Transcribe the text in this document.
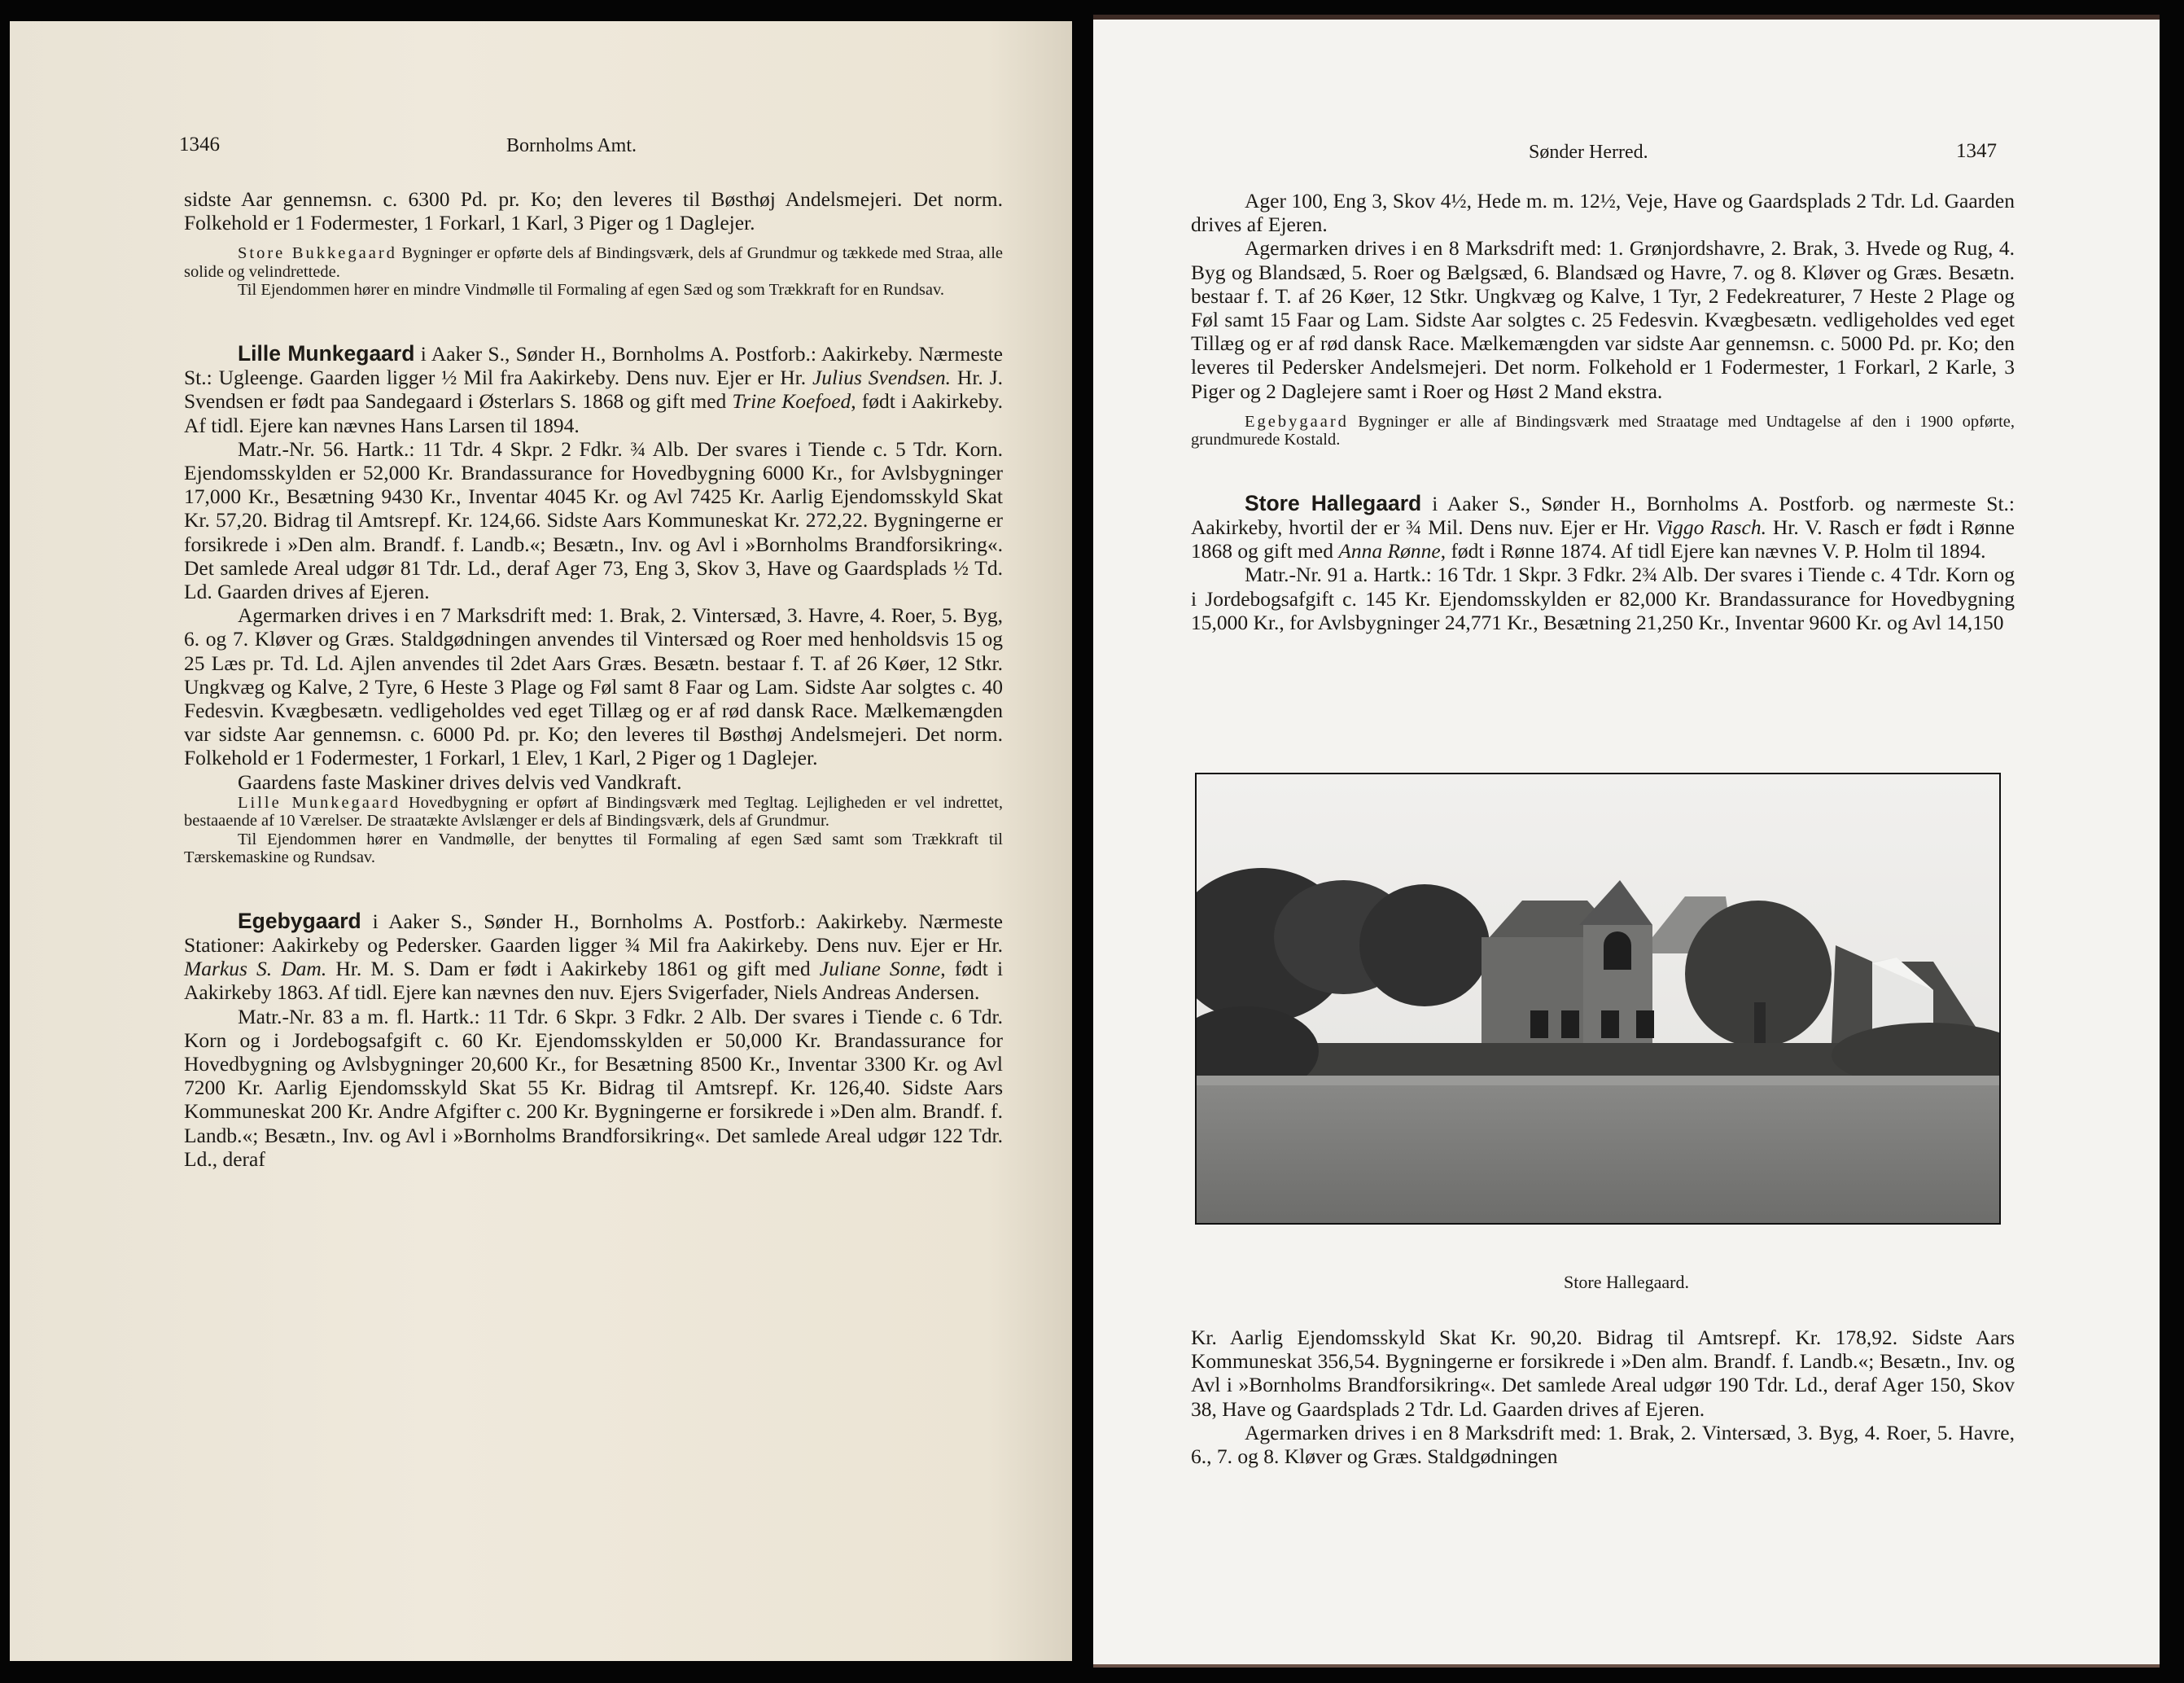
1346	Bornholms Amt.

sidste Aar gennemsn. c. 6300 Pd. pr. Ko; den leveres til Bøsthøj Andelsmejeri. Det norm. Folkehold er 1 Fodermester, 1 Forkarl, 1 Karl, 3 Piger og 1 Daglejer.

Store Bukkegaard Bygninger er opførte dels af Bindingsværk, dels af Grundmur og tækkede med Straa, alle solide og velindrettede.

Til Ejendommen hører en mindre Vindmølle til Formaling af egen Sæd og som Trækkraft for en Rundsav.

Lille Munkegaard i Aaker S., Sønder H., Bornholms A. Postforb.: Aakirkeby. Nærmeste St.: Ugleenge. Gaarden ligger ½ Mil fra Aakirkeby. Dens nuv. Ejer er Hr. Julius Svendsen. Hr. J. Svendsen er født paa Sandegaard i Østerlars S. 1868 og gift med Trine Koefoed, født i Aakirkeby. Af tidl. Ejere kan nævnes Hans Larsen til 1894.

Matr.-Nr. 56. Hartk.: 11 Tdr. 4 Skpr. 2 Fdkr. ¾ Alb. Der svares i Tiende c. 5 Tdr. Korn. Ejendomsskylden er 52,000 Kr. Brandassurance for Hovedbygning 6000 Kr., for Avlsbygninger 17,000 Kr., Besætning 9430 Kr., Inventar 4045 Kr. og Avl 7425 Kr. Aarlig Ejendomsskyld Skat Kr. 57,20. Bidrag til Amtsrepf. Kr. 124,66. Sidste Aars Kommuneskat Kr. 272,22. Bygningerne er forsikrede i »Den alm. Brandf. f. Landb.«; Besætn., Inv. og Avl i »Bornholms Brandforsikring«. Det samlede Areal udgør 81 Tdr. Ld., deraf Ager 73, Eng 3, Skov 3, Have og Gaardsplads ½ Td. Ld. Gaarden drives af Ejeren.

Agermarken drives i en 7 Marksdrift med: 1. Brak, 2. Vintersæd, 3. Havre, 4. Roer, 5. Byg, 6. og 7. Kløver og Græs. Staldgødningen anvendes til Vintersæd og Roer med henholdsvis 15 og 25 Læs pr. Td. Ld. Ajlen anvendes til 2det Aars Græs. Besætn. bestaar f. T. af 26 Køer, 12 Stkr. Ungkvæg og Kalve, 2 Tyre, 6 Heste 3 Plage og Føl samt 8 Faar og Lam. Sidste Aar solgtes c. 40 Fedesvin. Kvægbesætn. vedligeholdes ved eget Tillæg og er af rød dansk Race. Mælkemængden var sidste Aar gennemsn. c. 6000 Pd. pr. Ko; den leveres til Bøsthøj Andelsmejeri. Det norm. Folkehold er 1 Fodermester, 1 Forkarl, 1 Elev, 1 Karl, 2 Piger og 1 Daglejer.

Gaardens faste Maskiner drives delvis ved Vandkraft.

Lille Munkegaard Hovedbygning er opført af Bindingsværk med Tegltag. Lejligheden er vel indrettet, bestaaende af 10 Værelser. De straatækte Avlslænger er dels af Bindingsværk, dels af Grundmur.

Til Ejendommen hører en Vandmølle, der benyttes til Formaling af egen Sæd samt som Trækkraft til Tærskemaskine og Rundsav.

Egebygaard i Aaker S., Sønder H., Bornholms A. Postforb.: Aakirkeby. Nærmeste Stationer: Aakirkeby og Pedersker. Gaarden ligger ¾ Mil fra Aakirkeby. Dens nuv. Ejer er Hr. Markus S. Dam. Hr. M. S. Dam er født i Aakirkeby 1861 og gift med Juliane Sonne, født i Aakirkeby 1863. Af tidl. Ejere kan nævnes den nuv. Ejers Svigerfader, Niels Andreas Andersen.

Matr.-Nr. 83 a m. fl. Hartk.: 11 Tdr. 6 Skpr. 3 Fdkr. 2 Alb. Der svares i Tiende c. 6 Tdr. Korn og i Jordebogsafgift c. 60 Kr. Ejendomsskylden er 50,000 Kr. Brandassurance for Hovedbygning og Avlsbygninger 20,600 Kr., for Besætning 8500 Kr., Inventar 3300 Kr. og Avl 7200 Kr. Aarlig Ejendomsskyld Skat 55 Kr. Bidrag til Amtsrepf. Kr. 126,40. Sidste Aars Kommuneskat 200 Kr. Andre Afgifter c. 200 Kr. Bygningerne er forsikrede i »Den alm. Brandf. f. Landb.«; Besætn., Inv. og Avl i »Bornholms Brandforsikring«. Det samlede Areal udgør 122 Tdr. Ld., deraf

Sønder Herred.	1347

Ager 100, Eng 3, Skov 4½, Hede m. m. 12½, Veje, Have og Gaardsplads 2 Tdr. Ld. Gaarden drives af Ejeren.

Agermarken drives i en 8 Marksdrift med: 1. Grønjordshavre, 2. Brak, 3. Hvede og Rug, 4. Byg og Blandsæd, 5. Roer og Bælgsæd, 6. Blandsæd og Havre, 7. og 8. Kløver og Græs. Besætn. bestaar f. T. af 26 Køer, 12 Stkr. Ungkvæg og Kalve, 1 Tyr, 2 Fedekreaturer, 7 Heste 2 Plage og Føl samt 15 Faar og Lam. Sidste Aar solgtes c. 25 Fedesvin. Kvægbesætn. vedligeholdes ved eget Tillæg og er af rød dansk Race. Mælkemængden var sidste Aar gennemsn. c. 5000 Pd. pr. Ko; den leveres til Pedersker Andelsmejeri. Det norm. Folkehold er 1 Fodermester, 1 Forkarl, 2 Karle, 3 Piger og 2 Daglejere samt i Roer og Høst 2 Mand ekstra.

Egebygaard Bygninger er alle af Bindingsværk med Straatage med Undtagelse af den i 1900 opførte, grundmurede Kostald.

Store Hallegaard i Aaker S., Sønder H., Bornholms A. Postforb. og nærmeste St.: Aakirkeby, hvortil der er ¾ Mil. Dens nuv. Ejer er Hr. Viggo Rasch. Hr. V. Rasch er født i Rønne 1868 og gift med Anna Rønne, født i Rønne 1874. Af tidl Ejere kan nævnes V. P. Holm til 1894.

Matr.-Nr. 91 a. Hartk.: 16 Tdr. 1 Skpr. 3 Fdkr. 2¾ Alb. Der svares i Tiende c. 4 Tdr. Korn og i Jordebogsafgift c. 145 Kr. Ejendomsskylden er 82,000 Kr. Brandassurance for Hovedbygning 15,000 Kr., for Avlsbygninger 24,771 Kr., Besætning 21,250 Kr., Inventar 9600 Kr. og Avl 14,150

Store Hallegaard.

Kr. Aarlig Ejendomsskyld Skat Kr. 90,20. Bidrag til Amtsrepf. Kr. 178,92. Sidste Aars Kommuneskat 356,54. Bygningerne er forsikrede i »Den alm. Brandf. f. Landb.«; Besætn., Inv. og Avl i »Bornholms Brandforsikring«. Det samlede Areal udgør 190 Tdr. Ld., deraf Ager 150, Skov 38, Have og Gaardsplads 2 Tdr. Ld. Gaarden drives af Ejeren.

Agermarken drives i en 8 Marksdrift med: 1. Brak, 2. Vintersæd, 3. Byg, 4. Roer, 5. Havre, 6., 7. og 8. Kløver og Græs. Staldgødningen
